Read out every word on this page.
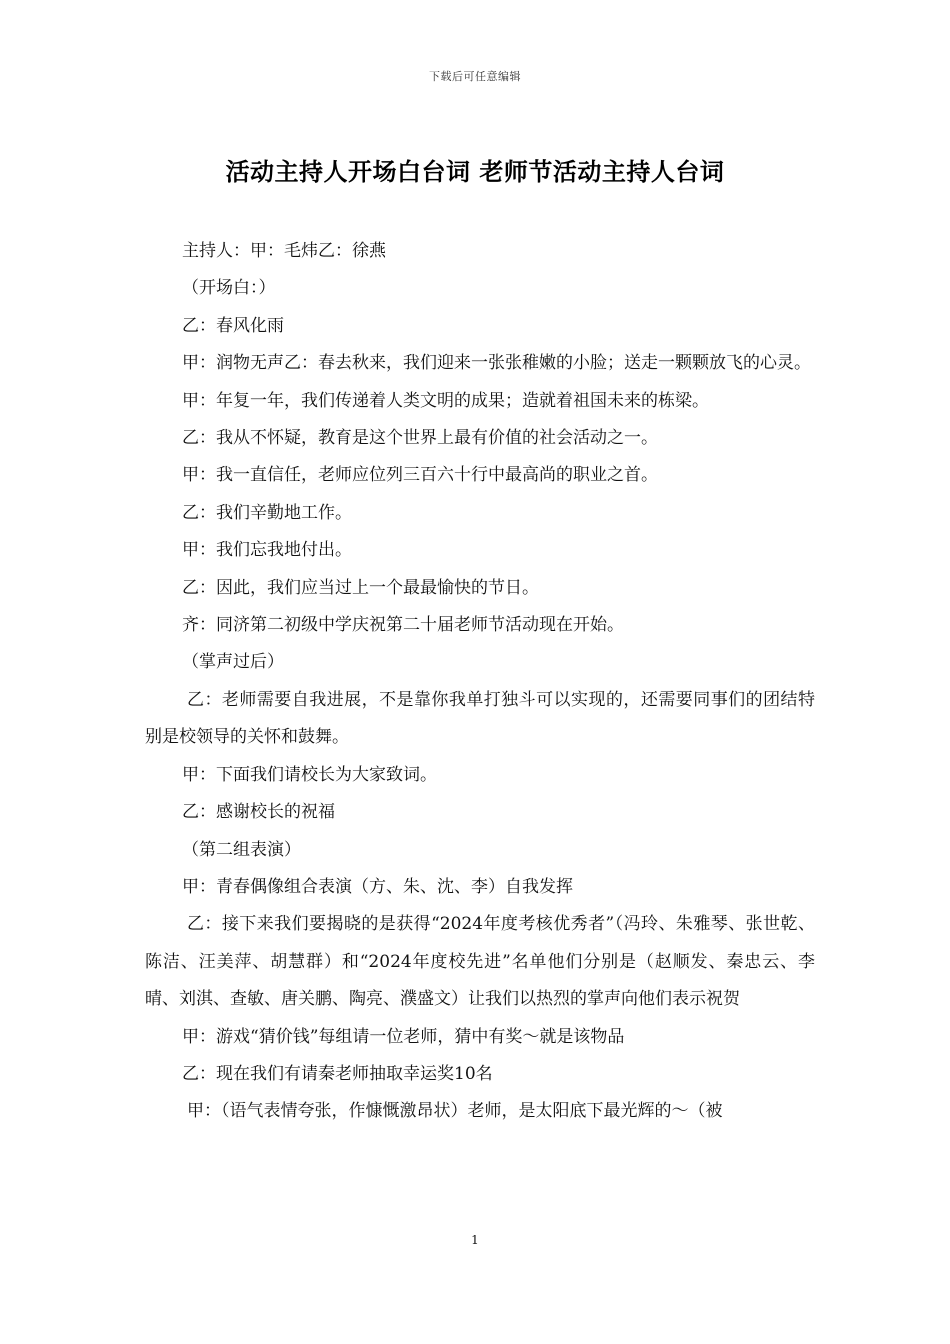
下载后可任意编辑
活动主持人开场白台词 老师节活动主持人台词

主持人：甲：毛炜乙：徐燕

（开场白：）

乙：春风化雨

甲：润物无声乙：春去秋来，我们迎来一张张稚嫩的小脸；送走一颗颗放飞的心灵。

甲：年复一年，我们传递着人类文明的成果；造就着祖国未来的栋梁。

乙：我从不怀疑，教育是这个世界上最有价值的社会活动之一。

甲：我一直信任，老师应位列三百六十行中最高尚的职业之首。

乙：我们辛勤地工作。

甲：我们忘我地付出。

乙：因此，我们应当过上一个最最愉快的节日。

齐：同济第二初级中学庆祝第二十届老师节活动现在开始。

（掌声过后）

乙：老师需要自我进展，不是靠你我单打独斗可以实现的，还需要同事们的团结特别是校领导的关怀和鼓舞。

甲：下面我们请校长为大家致词。

乙：感谢校长的祝福

（第二组表演）

甲：青春偶像组合表演（方、朱、沈、李）自我发挥

乙：接下来我们要揭晓的是获得“2024年度考核优秀者”（冯玲、朱雅琴、张世乾、陈洁、汪美萍、胡慧群）和“2024年度校先进”名单他们分别是（赵顺发、秦忠云、李晴、刘淇、查敏、唐关鹏、陶亮、濮盛文）让我们以热烈的掌声向他们表示祝贺

甲：游戏“猜价钱”每组请一位老师，猜中有奖～就是该物品

乙：现在我们有请秦老师抽取幸运奖10名

甲：（语气表情夸张，作慷慨激昂状）老师，是太阳底下最光辉的～（被

1
